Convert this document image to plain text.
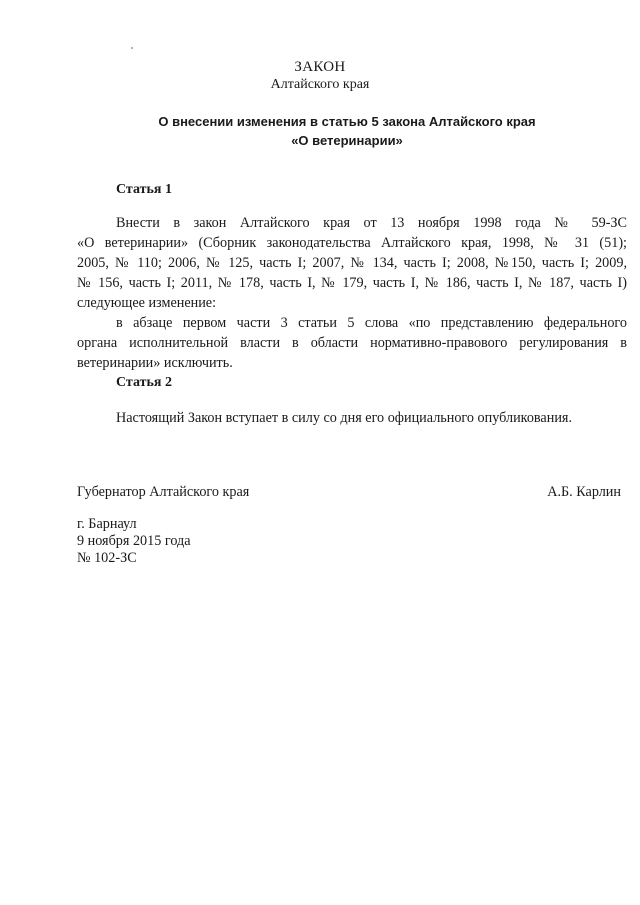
ЗАКОН
Алтайского края
О внесении изменения в статью 5 закона Алтайского края
«О ветеринарии»
Статья 1
Внести в закон Алтайского края от 13 ноября 1998 года № 59-ЗС
«О ветеринарии» (Сборник законодательства Алтайского края, 1998, № 31 (51);
2005, № 110; 2006, № 125, часть I; 2007, № 134, часть I; 2008, №150, часть I; 2009,
№ 156, часть I; 2011, № 178, часть I, № 179, часть I, № 186, часть I, № 187, часть I)
следующее изменение:
в абзаце первом части 3 статьи 5 слова «по представлению федерального
органа исполнительной власти в области нормативно-правового регулирования в
ветеринарии» исключить.
Статья 2
Настоящий Закон вступает в силу со дня его официального опубликования.
Губернатор Алтайского края	А.Б. Карлин
г. Барнаул
9 ноября 2015 года
№ 102-ЗС
